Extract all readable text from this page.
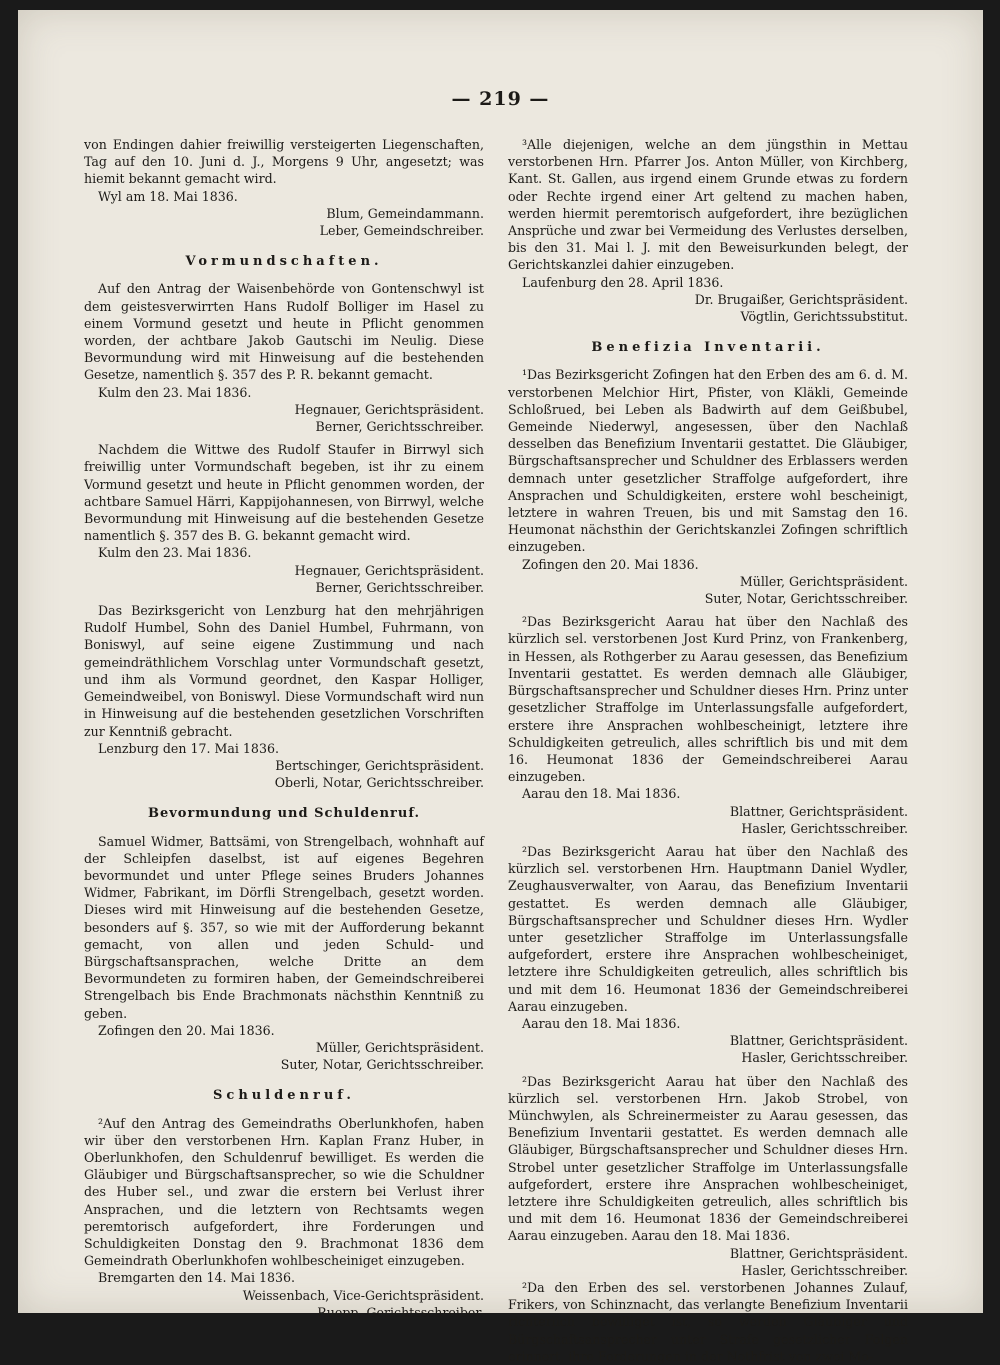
— 219 —

von Endingen dahier freiwillig versteigerten Liegenschaften, Tag auf den 10. Juni d. J., Morgens 9 Uhr, angesetzt; was hiemit bekannt gemacht wird.

Wyl am 18. Mai 1836.

Blum, Gemeindammann.

Leber, Gemeindschreiber.

Vormundschaften.

Auf den Antrag der Waisenbehörde von Gontenschwyl ist dem geistesverwirrten Hans Rudolf Bolliger im Hasel zu einem Vormund gesetzt und heute in Pflicht genommen worden, der achtbare Jakob Gautschi im Neulig. Diese Bevormundung wird mit Hinweisung auf die bestehenden Gesetze, namentlich §. 357 des P. R. bekannt gemacht.

Kulm den 23. Mai 1836.

Hegnauer, Gerichtspräsident.

Berner, Gerichtsschreiber.

Nachdem die Wittwe des Rudolf Staufer in Birrwyl sich freiwillig unter Vormundschaft begeben, ist ihr zu einem Vormund gesetzt und heute in Pflicht genommen worden, der achtbare Samuel Härri, Kappijohannesen, von Birrwyl, welche Bevormundung mit Hinweisung auf die bestehenden Gesetze namentlich §. 357 des B. G. bekannt gemacht wird.

Kulm den 23. Mai 1836.

Hegnauer, Gerichtspräsident.

Berner, Gerichtsschreiber.

Das Bezirksgericht von Lenzburg hat den mehrjährigen Rudolf Humbel, Sohn des Daniel Humbel, Fuhrmann, von Boniswyl, auf seine eigene Zustimmung und nach gemeindräthlichem Vorschlag unter Vormundschaft gesetzt, und ihm als Vormund geordnet, den Kaspar Holliger, Gemeindweibel, von Boniswyl. Diese Vormundschaft wird nun in Hinweisung auf die bestehenden gesetzlichen Vorschriften zur Kenntniß gebracht.

Lenzburg den 17. Mai 1836.

Bertschinger, Gerichtspräsident.

Oberli, Notar, Gerichtsschreiber.

Bevormundung und Schuldenruf.

Samuel Widmer, Battsämi, von Strengelbach, wohnhaft auf der Schleipfen daselbst, ist auf eigenes Begehren bevormundet und unter Pflege seines Bruders Johannes Widmer, Fabrikant, im Dörfli Strengelbach, gesetzt worden. Dieses wird mit Hinweisung auf die bestehenden Gesetze, besonders auf §. 357, so wie mit der Aufforderung bekannt gemacht, von allen und jeden Schuld- und Bürgschaftsansprachen, welche Dritte an dem Bevormundeten zu formiren haben, der Gemeindschreiberei Strengelbach bis Ende Brachmonats nächsthin Kenntniß zu geben.

Zofingen den 20. Mai 1836.

Müller, Gerichtspräsident.

Suter, Notar, Gerichtsschreiber.

Schuldenruf.

²Auf den Antrag des Gemeindraths Oberlunkhofen, haben wir über den verstorbenen Hrn. Kaplan Franz Huber, in Oberlunkhofen, den Schuldenruf bewilliget. Es werden die Gläubiger und Bürgschaftsansprecher, so wie die Schuldner des Huber sel., und zwar die erstern bei Verlust ihrer Ansprachen, und die letztern von Rechtsamts wegen peremtorisch aufgefordert, ihre Forderungen und Schuldigkeiten Donstag den 9. Brachmonat 1836 dem Gemeindrath Oberlunkhofen wohlbescheiniget einzugeben.

Bremgarten den 14. Mai 1836.

Weissenbach, Vice-Gerichtspräsident.

Ruepp, Gerichtsschreiber.

³Alle diejenigen, welche an dem jüngsthin in Mettau verstorbenen Hrn. Pfarrer Jos. Anton Müller, von Kirchberg, Kant. St. Gallen, aus irgend einem Grunde etwas zu fordern oder Rechte irgend einer Art geltend zu machen haben, werden hiermit peremtorisch aufgefordert, ihre bezüglichen Ansprüche und zwar bei Vermeidung des Verlustes derselben, bis den 31. Mai l. J. mit den Beweisurkunden belegt, der Gerichtskanzlei dahier einzugeben.

Laufenburg den 28. April 1836.

Dr. Brugaißer, Gerichtspräsident.

Vögtlin, Gerichtssubstitut.

Benefizia Inventarii.

¹Das Bezirksgericht Zofingen hat den Erben des am 6. d. M. verstorbenen Melchior Hirt, Pfister, von Kläkli, Gemeinde Schloßrued, bei Leben als Badwirth auf dem Geißbubel, Gemeinde Niederwyl, angesessen, über den Nachlaß desselben das Benefizium Inventarii gestattet. Die Gläubiger, Bürgschaftsansprecher und Schuldner des Erblassers werden demnach unter gesetzlicher Straffolge aufgefordert, ihre Ansprachen und Schuldigkeiten, erstere wohl bescheinigt, letztere in wahren Treuen, bis und mit Samstag den 16. Heumonat nächsthin der Gerichtskanzlei Zofingen schriftlich einzugeben.

Zofingen den 20. Mai 1836.

Müller, Gerichtspräsident.

Suter, Notar, Gerichtsschreiber.

²Das Bezirksgericht Aarau hat über den Nachlaß des kürzlich sel. verstorbenen Jost Kurd Prinz, von Frankenberg, in Hessen, als Rothgerber zu Aarau gesessen, das Benefizium Inventarii gestattet. Es werden demnach alle Gläubiger, Bürgschaftsansprecher und Schuldner dieses Hrn. Prinz unter gesetzlicher Straffolge im Unterlassungsfalle aufgefordert, erstere ihre Ansprachen wohlbescheinigt, letztere ihre Schuldigkeiten getreulich, alles schriftlich bis und mit dem 16. Heumonat 1836 der Gemeindschreiberei Aarau einzugeben.

Aarau den 18. Mai 1836.

Blattner, Gerichtspräsident.

Hasler, Gerichtsschreiber.

²Das Bezirksgericht Aarau hat über den Nachlaß des kürzlich sel. verstorbenen Hrn. Hauptmann Daniel Wydler, Zeughausverwalter, von Aarau, das Benefizium Inventarii gestattet. Es werden demnach alle Gläubiger, Bürgschaftsansprecher und Schuldner dieses Hrn. Wydler unter gesetzlicher Straffolge im Unterlassungsfalle aufgefordert, erstere ihre Ansprachen wohlbescheiniget, letztere ihre Schuldigkeiten getreulich, alles schriftlich bis und mit dem 16. Heumonat 1836 der Gemeindschreiberei Aarau einzugeben.

Aarau den 18. Mai 1836.

Blattner, Gerichtspräsident.

Hasler, Gerichtsschreiber.

²Das Bezirksgericht Aarau hat über den Nachlaß des kürzlich sel. verstorbenen Hrn. Jakob Strobel, von Münchwylen, als Schreinermeister zu Aarau gesessen, das Benefizium Inventarii gestattet. Es werden demnach alle Gläubiger, Bürgschaftsansprecher und Schuldner dieses Hrn. Strobel unter gesetzlicher Straffolge im Unterlassungsfalle aufgefordert, erstere ihre Ansprachen wohlbescheiniget, letztere ihre Schuldigkeiten getreulich, alles schriftlich bis und mit dem 16. Heumonat 1836 der Gemeindschreiberei Aarau einzugeben. Aarau den 18. Mai 1836.

Blattner, Gerichtspräsident.

Hasler, Gerichtsschreiber.

²Da den Erben des sel. verstorbenen Johannes Zulauf, Frikers, von Schinznacht, das verlangte Benefizium Inventarii richterlich bewilliget ist, so werden Gläubiger und Bürgschaftsansprecher unter Strafe gesetzlicher Folgen erinnert, ihre Forderungen in der Nothfrist von zwei Mo-
